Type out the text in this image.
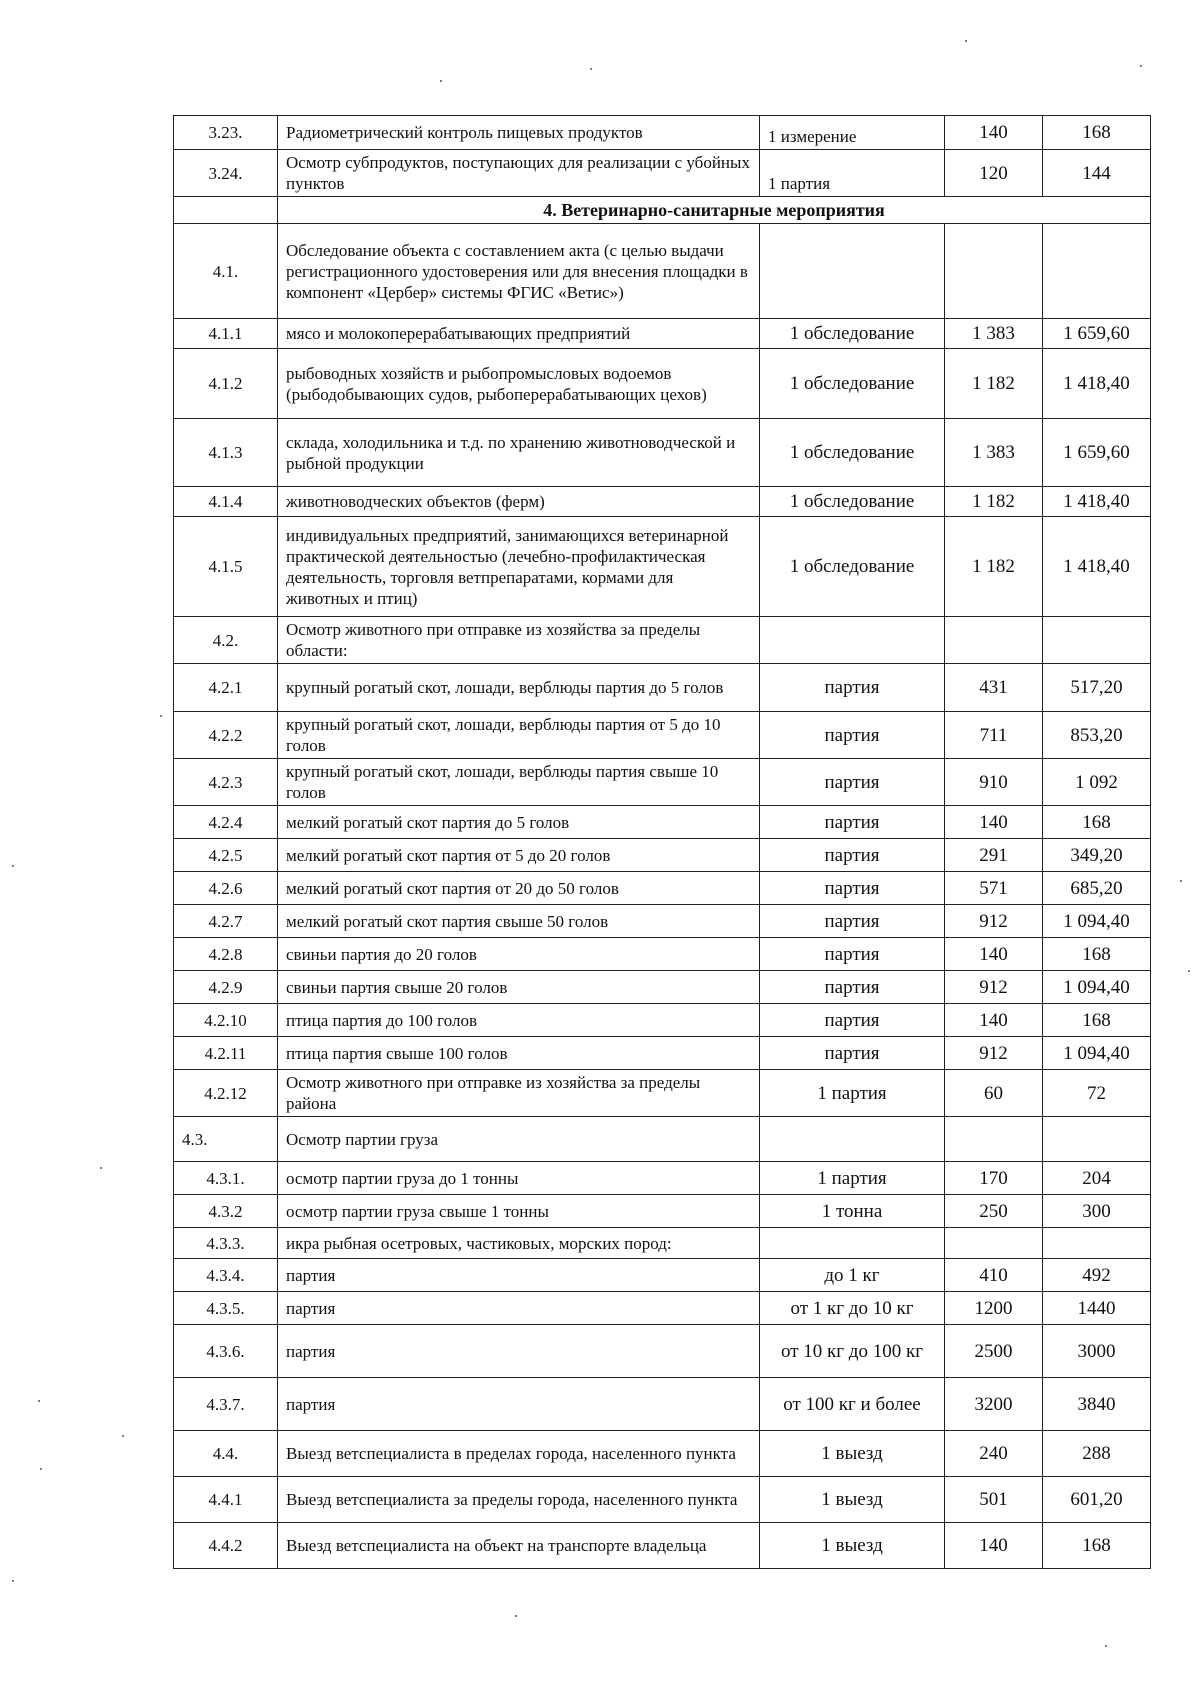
3.23.	Радиометрический контроль пищевых продуктов	1 измерение	140	168
3.24.	Осмотр субпродуктов, поступающих для реализации с убойных пунктов	1 партия	120	144
	4. Ветеринарно-санитарные мероприятия			
4.1.	Обследование объекта с составлением акта (с целью выдачи регистрационного удостоверения или для внесения площадки в компонент «Цербер» системы ФГИС «Ветис»)			
4.1.1	мясо и молокоперерабатывающих предприятий	1 обследование	1 383	1 659,60
4.1.2	рыбоводных хозяйств и рыбопромысловых водоемов (рыбодобывающих судов, рыбоперерабатывающих цехов)	1 обследование	1 182	1 418,40
4.1.3	склада, холодильника и т.д. по хранению животноводческой и рыбной продукции	1 обследование	1 383	1 659,60
4.1.4	животноводческих объектов (ферм)	1 обследование	1 182	1 418,40
4.1.5	индивидуальных предприятий, занимающихся ветеринарной практической деятельностью (лечебно-профилактическая деятельность, торговля ветпрепаратами, кормами для животных и птиц)	1 обследование	1 182	1 418,40
4.2.	Осмотр животного при отправке из хозяйства за пределы области:			
4.2.1	крупный рогатый скот, лошади, верблюды партия до 5 голов	партия	431	517,20
4.2.2	крупный рогатый скот, лошади, верблюды партия от 5 до 10 голов	партия	711	853,20
4.2.3	крупный рогатый скот, лошади, верблюды партия свыше 10 голов	партия	910	1 092
4.2.4	мелкий рогатый скот партия до 5 голов	партия	140	168
4.2.5	мелкий рогатый скот партия от 5 до 20 голов	партия	291	349,20
4.2.6	мелкий рогатый скот партия от 20 до 50 голов	партия	571	685,20
4.2.7	мелкий рогатый скот партия свыше 50 голов	партия	912	1 094,40
4.2.8	свиньи партия до 20 голов	партия	140	168
4.2.9	свиньи партия свыше 20 голов	партия	912	1 094,40
4.2.10	птица партия до 100 голов	партия	140	168
4.2.11	птица партия свыше 100 голов	партия	912	1 094,40
4.2.12	Осмотр животного при отправке из хозяйства за пределы района	1 партия	60	72
4.3.	Осмотр партии груза			
4.3.1.	осмотр партии груза до 1 тонны	1 партия	170	204
4.3.2	осмотр партии груза свыше 1 тонны	1 тонна	250	300
4.3.3.	икра рыбная осетровых, частиковых, морских пород:			
4.3.4.	партия	до 1 кг	410	492
4.3.5.	партия	от 1 кг до 10 кг	1200	1440
4.3.6.	партия	от 10 кг до 100 кг	2500	3000
4.3.7.	партия	от 100 кг и более	3200	3840
4.4.	Выезд ветспециалиста в пределах города, населенного пункта	1 выезд	240	288
4.4.1	Выезд ветспециалиста за пределы города, населенного пункта	1 выезд	501	601,20
4.4.2	Выезд ветспециалиста на объект на транспорте владельца	1 выезд	140	168
